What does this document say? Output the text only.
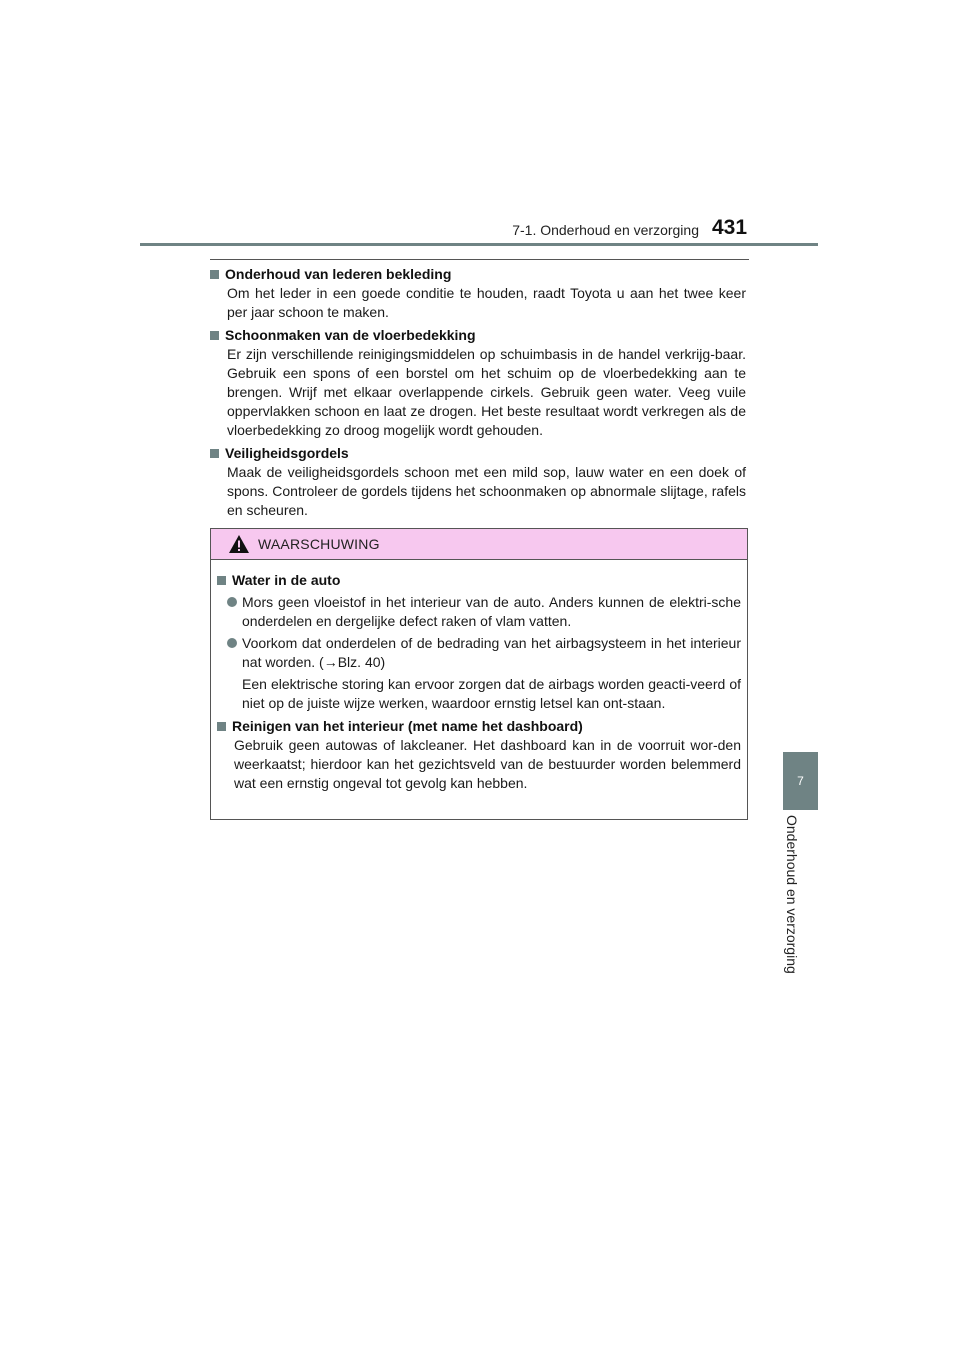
7-1. Onderhoud en verzorging 431
Onderhoud van lederen bekleding
Om het leder in een goede conditie te houden, raadt Toyota u aan het twee keer per jaar schoon te maken.
Schoonmaken van de vloerbedekking
Er zijn verschillende reinigingsmiddelen op schuimbasis in de handel verkrijg-baar. Gebruik een spons of een borstel om het schuim op de vloerbedekking aan te brengen. Wrijf met elkaar overlappende cirkels. Gebruik geen water. Veeg vuile oppervlakken schoon en laat ze drogen. Het beste resultaat wordt verkregen als de vloerbedekking zo droog mogelijk wordt gehouden.
Veiligheidsgordels
Maak de veiligheidsgordels schoon met een mild sop, lauw water en een doek of spons. Controleer de gordels tijdens het schoonmaken op abnormale slijtage, rafels en scheuren.
WAARSCHUWING
Water in de auto

Mors geen vloeistof in het interieur van de auto. Anders kunnen de elektri-sche onderdelen en dergelijke defect raken of vlam vatten.

Voorkom dat onderdelen of de bedrading van het airbagsysteem in het interieur nat worden. (→Blz. 40)

Een elektrische storing kan ervoor zorgen dat de airbags worden geacti-veerd of niet op de juiste wijze werken, waardoor ernstig letsel kan ont-staan.

Reinigen van het interieur (met name het dashboard)
Gebruik geen autowas of lakcleaner. Het dashboard kan in de voorruit wor-den weerkaatst; hierdoor kan het gezichtsveld van de bestuurder worden belemmerd wat een ernstig ongeval tot gevolg kan hebben.	7
Onderhoud en verzorging
